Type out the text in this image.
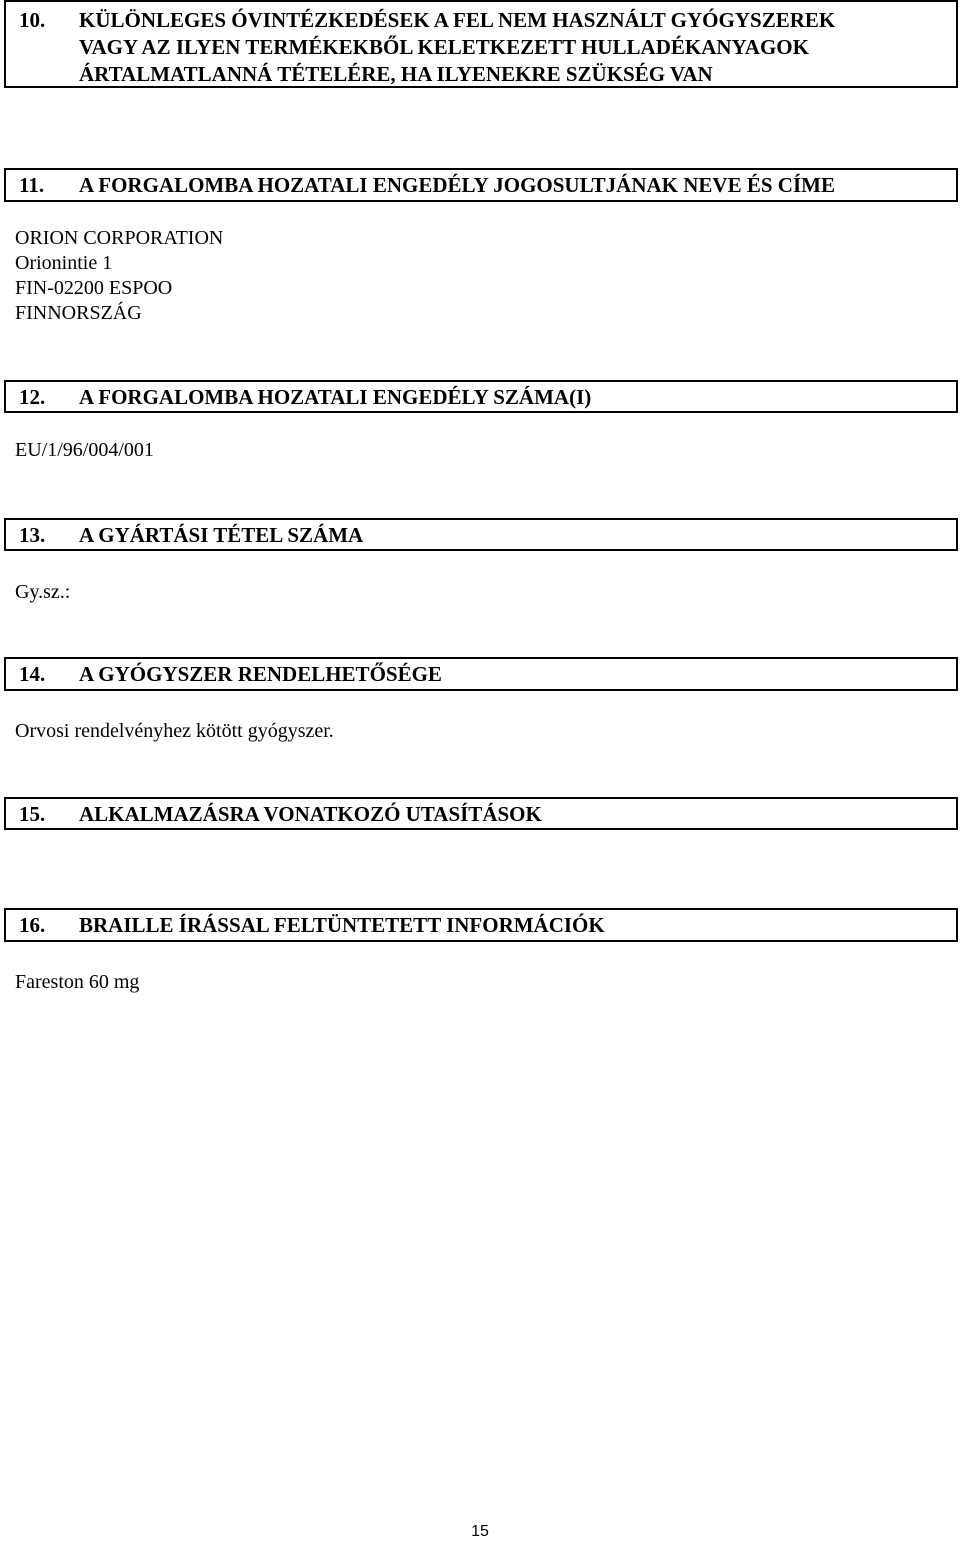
10. KÜLÖNLEGES ÓVINTÉZKEDÉSEK A FEL NEM HASZNÁLT GYÓGYSZEREK
VAGY AZ ILYEN TERMÉKEKBŐL KELETKEZETT HULLADÉKANYAGOK
ÁRTALMATLANNÁ TÉTELÉRE, HA ILYENEKRE SZÜKSÉG VAN
11. A FORGALOMBA HOZATALI ENGEDÉLY JOGOSULTJÁNAK NEVE ÉS CÍME
ORION CORPORATION
Orionintie 1
FIN-02200 ESPOO
FINNORSZÁG
12. A FORGALOMBA HOZATALI ENGEDÉLY SZÁMA(I)
EU/1/96/004/001
13. A GYÁRTÁSI TÉTEL SZÁMA
Gy.sz.:
14. A GYÓGYSZER RENDELHETŐSÉGE
Orvosi rendelvényhez kötött gyógyszer.
15. ALKALMAZÁSRA VONATKOZÓ UTASÍTÁSOK
16. BRAILLE ÍRÁSSAL FELTÜNTETETT INFORMÁCIÓK
Fareston 60 mg
15
